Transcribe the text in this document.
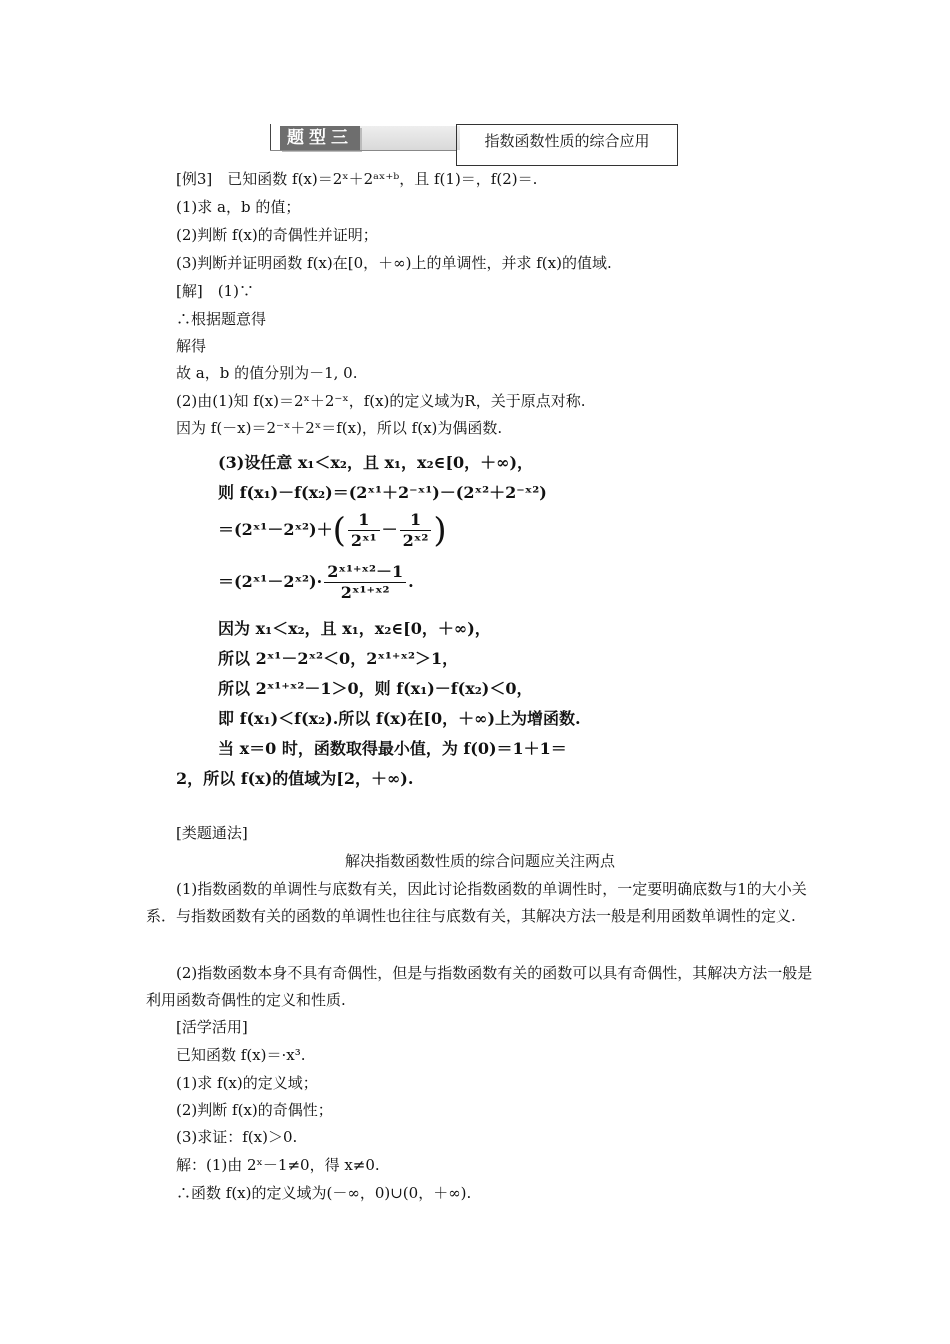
题型三	指数函数性质的综合应用
[例3]　已知函数 f(x)＝2ˣ＋2ᵃˣ⁺ᵇ，且 f(1)＝，f(2)＝.
(1)求 a，b 的值；
(2)判断 f(x)的奇偶性并证明；
(3)判断并证明函数 f(x)在[0，＋∞)上的单调性，并求 f(x)的值域.
[解]　(1)∵
∴根据题意得
解得
故 a，b 的值分别为－1, 0.
(2)由(1)知 f(x)＝2ˣ＋2⁻ˣ，f(x)的定义域为R，关于原点对称.
因为 f(－x)＝2⁻ˣ＋2ˣ＝f(x)，所以 f(x)为偶函数.
(3)设任意 x₁＜x₂，且 x₁，x₂∈[0，＋∞)，
则 f(x₁)－f(x₂)＝(2ˣ¹＋2⁻ˣ¹)－(2ˣ²＋2⁻ˣ²)
＝(2ˣ¹－2ˣ²)＋( $\frac{1}{\text{2ˣ¹}} - \frac{1}{\text{2ˣ²}}$ )
＝(2ˣ¹－2ˣ²)· $\frac{\text{2ˣ¹⁺ˣ²－1}}{\text{2ˣ¹⁺ˣ²}}$ .
因为 x₁＜x₂，且 x₁，x₂∈[0，＋∞)，
所以 2ˣ¹－2ˣ²＜0，2ˣ¹⁺ˣ²＞1，
所以 2ˣ¹⁺ˣ²－1＞0，则 f(x₁)－f(x₂)＜0，
即 f(x₁)＜f(x₂).所以 f(x)在[0，＋∞)上为增函数.
当 x＝0 时，函数取得最小值，为 f(0)＝1＋1＝
2，所以 f(x)的值域为[2，＋∞).
[类题通法]
解决指数函数性质的综合问题应关注两点
(1)指数函数的单调性与底数有关，因此讨论指数函数的单调性时，一定要明确底数与1的大小关系．与指数函数有关的函数的单调性也往往与底数有关，其解决方法一般是利用函数单调性的定义.
(2)指数函数本身不具有奇偶性，但是与指数函数有关的函数可以具有奇偶性，其解决方法一般是利用函数奇偶性的定义和性质.
[活学活用]
已知函数 f(x)＝·x³.
(1)求 f(x)的定义域；
(2)判断 f(x)的奇偶性；
(3)求证：f(x)＞0.
解：(1)由 2ˣ－1≠0，得 x≠0.
∴函数 f(x)的定义域为(－∞，0)∪(0，＋∞).
